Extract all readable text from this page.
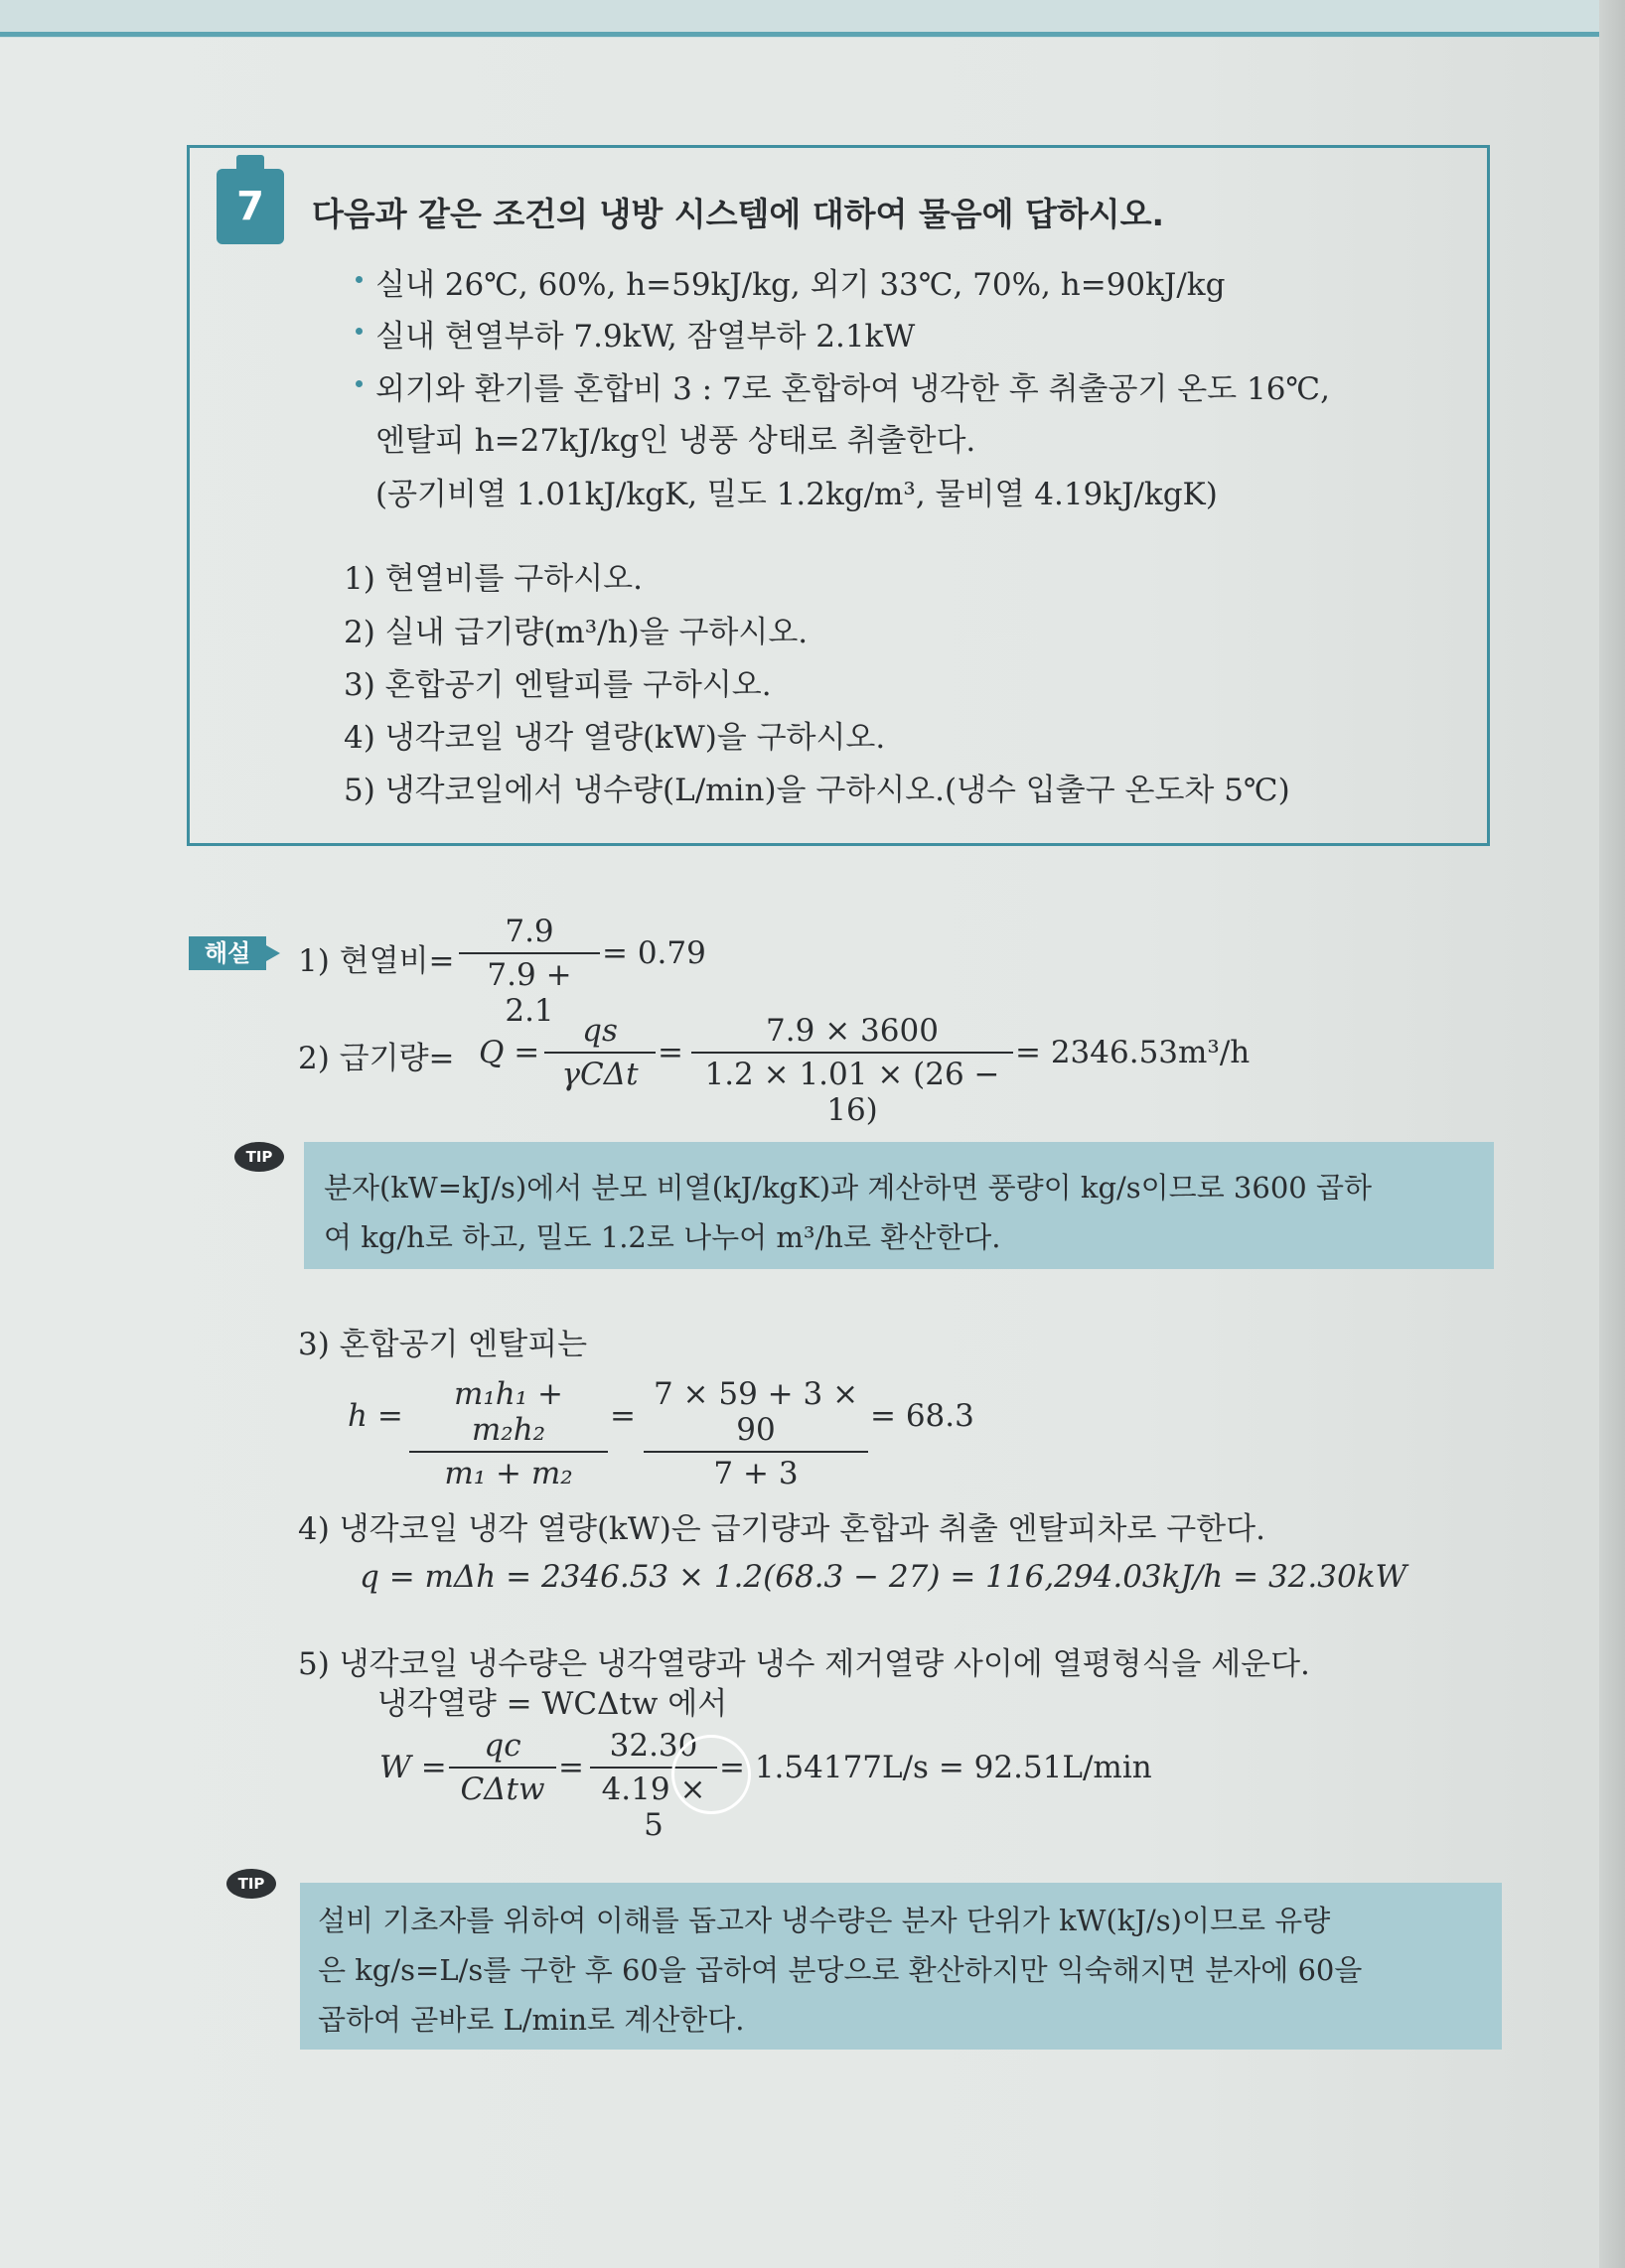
7	다음과 같은 조건의 냉방 시스템에 대하여 물음에 답하시오.
실내 26℃, 60%, h=59kJ/kg, 외기 33℃, 70%, h=90kJ/kg
실내 현열부하 7.9kW, 잠열부하 2.1kW
외기와 환기를 혼합비 3 : 7로 혼합하여 냉각한 후 취출공기 온도 16℃,
엔탈피 h=27kJ/kg인 냉풍 상태로 취출한다.
(공기비열 1.01kJ/kgK, 밀도 1.2kg/m³, 물비열 4.19kJ/kgK)
1) 현열비를 구하시오.
2) 실내 급기량(m³/h)을 구하시오.
3) 혼합공기 엔탈피를 구하시오.
4) 냉각코일 냉각 열량(kW)을 구하시오.
5) 냉각코일에서 냉수량(L/min)을 구하시오.(냉수 입출구 온도차 5℃)
해설	1) 현열비=
7.9
7.9 + 2.1
= 0.79
2) 급기량= Q =
qs
γCΔt
=
7.9 × 3600
1.2 × 1.01 × (26 − 16)
= 2346.53m³/h
TIP
분자(kW=kJ/s)에서 분모 비열(kJ/kgK)과 계산하면 풍량이 kg/s이므로 3600 곱하
여 kg/h로 하고, 밀도 1.2로 나누어 m³/h로 환산한다.
3) 혼합공기 엔탈피는
h =
m₁h₁ + m₂h₂
m₁ + m₂
=
7 × 59 + 3 × 90
7 + 3
= 68.3
4) 냉각코일 냉각 열량(kW)은 급기량과 혼합과 취출 엔탈피차로 구한다.
q = mΔh = 2346.53 × 1.2(68.3 − 27) = 116,294.03kJ/h = 32.30kW
5) 냉각코일 냉수량은 냉각열량과 냉수 제거열량 사이에 열평형식을 세운다.
냉각열량 = WCΔtw 에서
W =
qc
CΔtw
=
32.30
4.19 × 5
= 1.54177L/s = 92.51L/min
TIP
설비 기초자를 위하여 이해를 돕고자 냉수량은 분자 단위가 kW(kJ/s)이므로 유량
은 kg/s=L/s를 구한 후 60을 곱하여 분당으로 환산하지만 익숙해지면 분자에 60을
곱하여 곧바로 L/min로 계산한다.
